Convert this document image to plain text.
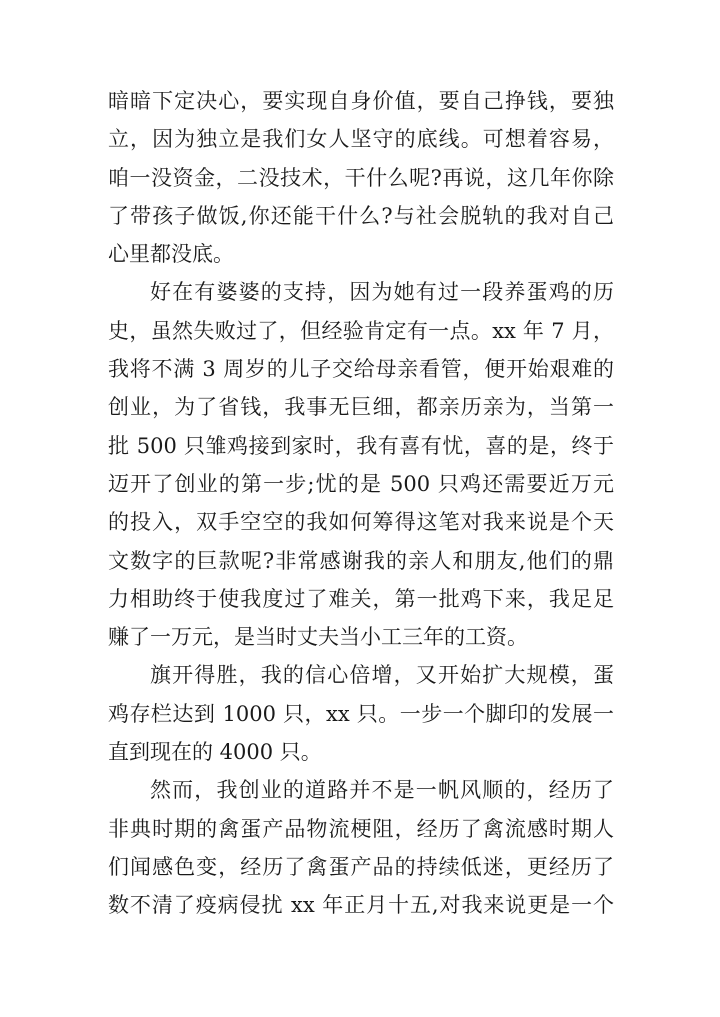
暗暗下定决心，要实现自身价值，要自己挣钱，要独
立，因为独立是我们女人坚守的底线。可想着容易，
咱一没资金，二没技术，干什么呢?再说，这几年你除
了带孩子做饭,你还能干什么?与社会脱轨的我对自己
心里都没底。
好在有婆婆的支持，因为她有过一段养蛋鸡的历
史，虽然失败过了，但经验肯定有一点。xx 年 7 月，
我将不满 3 周岁的儿子交给母亲看管，便开始艰难的
创业，为了省钱，我事无巨细，都亲历亲为，当第一
批 500 只雏鸡接到家时，我有喜有忧，喜的是，终于
迈开了创业的第一步;忧的是 500 只鸡还需要近万元
的投入，双手空空的我如何筹得这笔对我来说是个天
文数字的巨款呢?非常感谢我的亲人和朋友,他们的鼎
力相助终于使我度过了难关，第一批鸡下来，我足足
赚了一万元，是当时丈夫当小工三年的工资。
旗开得胜，我的信心倍增，又开始扩大规模，蛋
鸡存栏达到 1000 只，xx 只。一步一个脚印的发展一
直到现在的 4000 只。
然而，我创业的道路并不是一帆风顺的，经历了
非典时期的禽蛋产品物流梗阻，经历了禽流感时期人
们闻感色变，经历了禽蛋产品的持续低迷，更经历了
数不清了疫病侵扰 xx 年正月十五,对我来说更是一个
